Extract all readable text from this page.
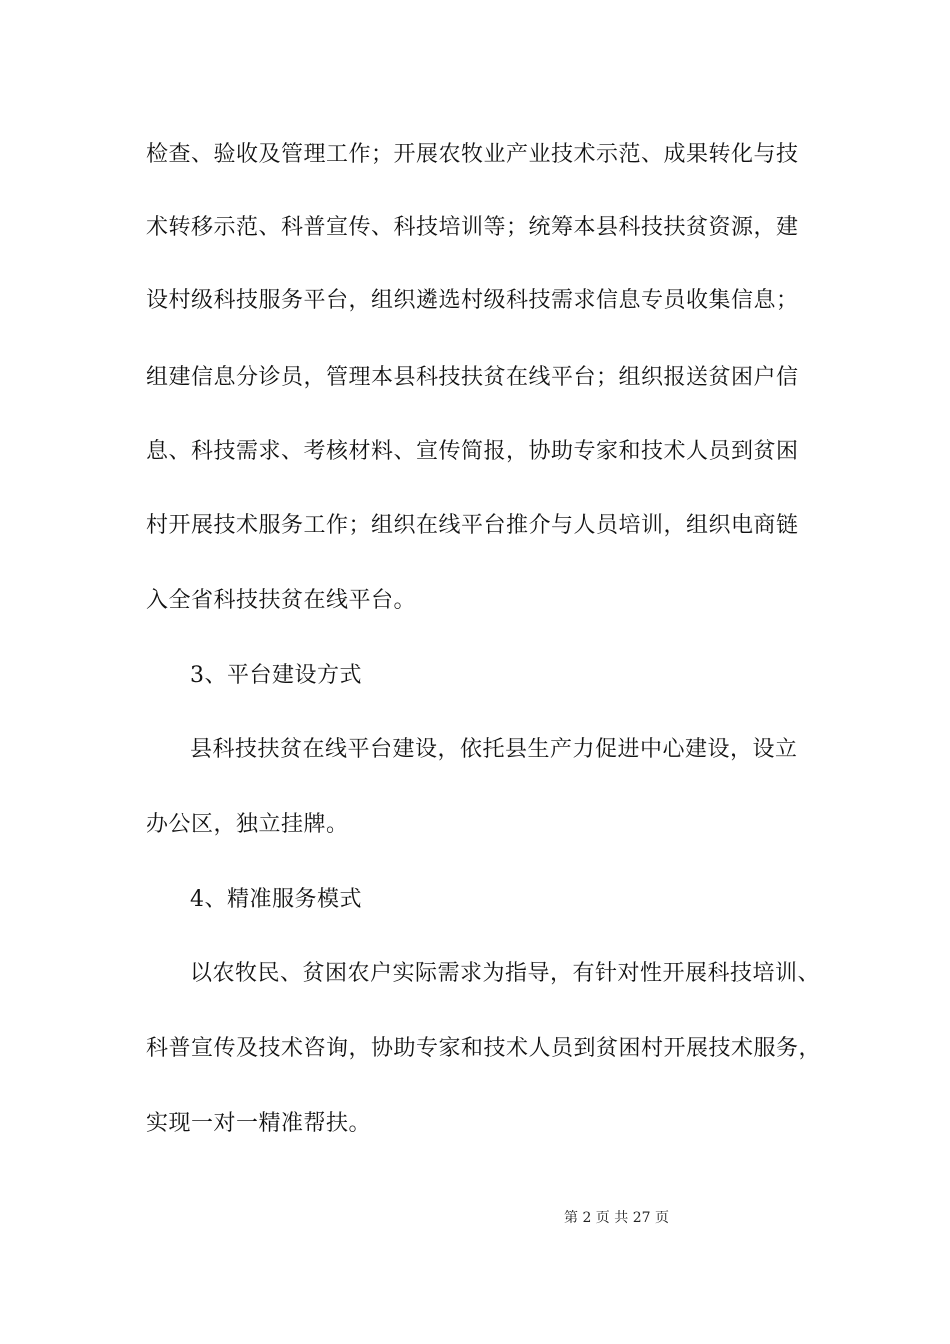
检查、验收及管理工作；开展农牧业产业技术示范、成果转化与技
术转移示范、科普宣传、科技培训等；统筹本县科技扶贫资源，建
设村级科技服务平台，组织遴选村级科技需求信息专员收集信息；
组建信息分诊员，管理本县科技扶贫在线平台；组织报送贫困户信
息、科技需求、考核材料、宣传简报，协助专家和技术人员到贫困
村开展技术服务工作；组织在线平台推介与人员培训，组织电商链
入全省科技扶贫在线平台。
3、平台建设方式
县科技扶贫在线平台建设，依托县生产力促进中心建设，设立
办公区，独立挂牌。
4、精准服务模式
以农牧民、贫困农户实际需求为指导，有针对性开展科技培训、
科普宣传及技术咨询，协助专家和技术人员到贫困村开展技术服务，
实现一对一精准帮扶。
第 2 页 共 27 页
